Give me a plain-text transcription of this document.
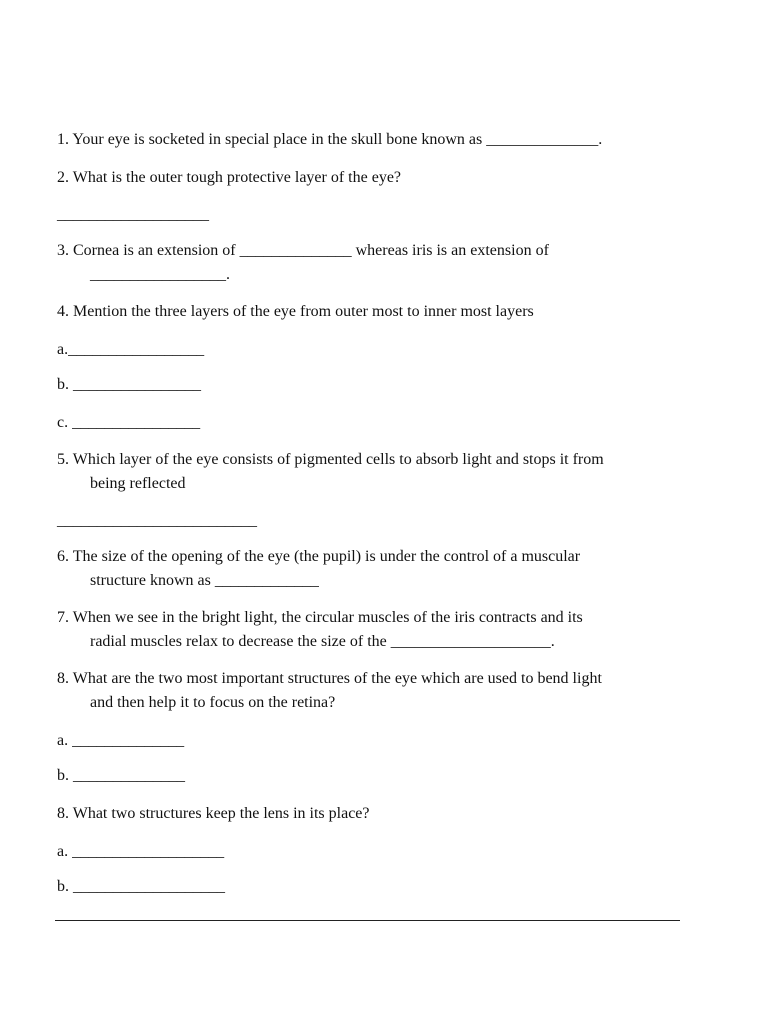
1. Your eye is socketed in special place in the skull bone known as ______________.
2. What is the outer tough protective layer of the eye?
___________________
3. Cornea is an extension of ______________ whereas iris is an extension of
_________________.
4. Mention the three layers of the eye from outer most to inner most layers
a._________________
b. ________________
c. ________________
5. Which layer of the eye consists of pigmented cells to absorb light and stops it from
being reflected
_________________________
6. The size of the opening of the eye (the pupil) is under the control of a muscular
structure known as _____________
7. When we see in the bright light, the circular muscles of the iris contracts and its
radial muscles relax to decrease the size of the ____________________.
8. What are the two most important structures of the eye which are used to bend light
and then help it to focus on the retina?
a. ______________
b. ______________
8. What two structures keep the lens in its place?
a. ___________________
b. ___________________
